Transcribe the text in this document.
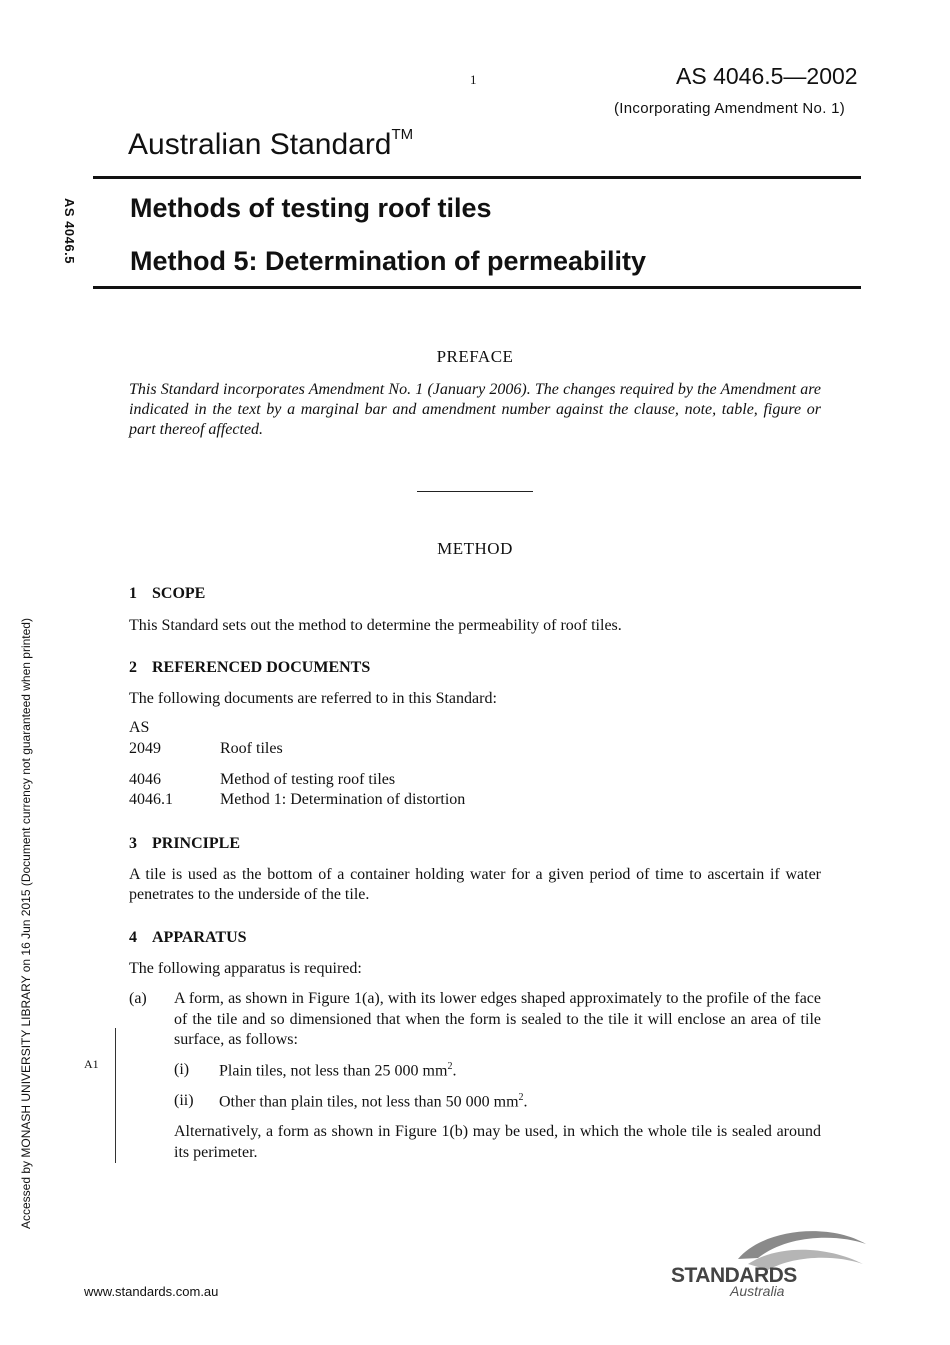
1	AS 4046.5—2002
(Incorporating Amendment No. 1)
Australian Standard™
Methods of testing roof tiles
Method 5: Determination of permeability
AS 4046.5
Accessed by MONASH UNIVERSITY LIBRARY on 16 Jun 2015 (Document currency not guaranteed when printed)
PREFACE
This Standard incorporates Amendment No. 1 (January 2006). The changes required by the Amendment are indicated in the text by a marginal bar and amendment number against the clause, note, table, figure or part thereof affected.
METHOD
1 SCOPE
This Standard sets out the method to determine the permeability of roof tiles.
2 REFERENCED DOCUMENTS
The following documents are referred to in this Standard:
AS
2049	Roof tiles
4046	Method of testing roof tiles
4046.1	Method 1: Determination of distortion
3 PRINCIPLE
A tile is used as the bottom of a container holding water for a given period of time to ascertain if water penetrates to the underside of the tile.
4 APPARATUS
The following apparatus is required:
(a) A form, as shown in Figure 1(a), with its lower edges shaped approximately to the profile of the face of the tile and so dimensioned that when the form is sealed to the tile it will enclose an area of tile surface, as follows:
(i) Plain tiles, not less than 25 000 $mm^2$.
(ii) Other than plain tiles, not less than 50 000 $mm^2$.
Alternatively, a form as shown in Figure 1(b) may be used, in which the whole tile is sealed around its perimeter.
A1
www.standards.com.au
STANDARDS
Australia
